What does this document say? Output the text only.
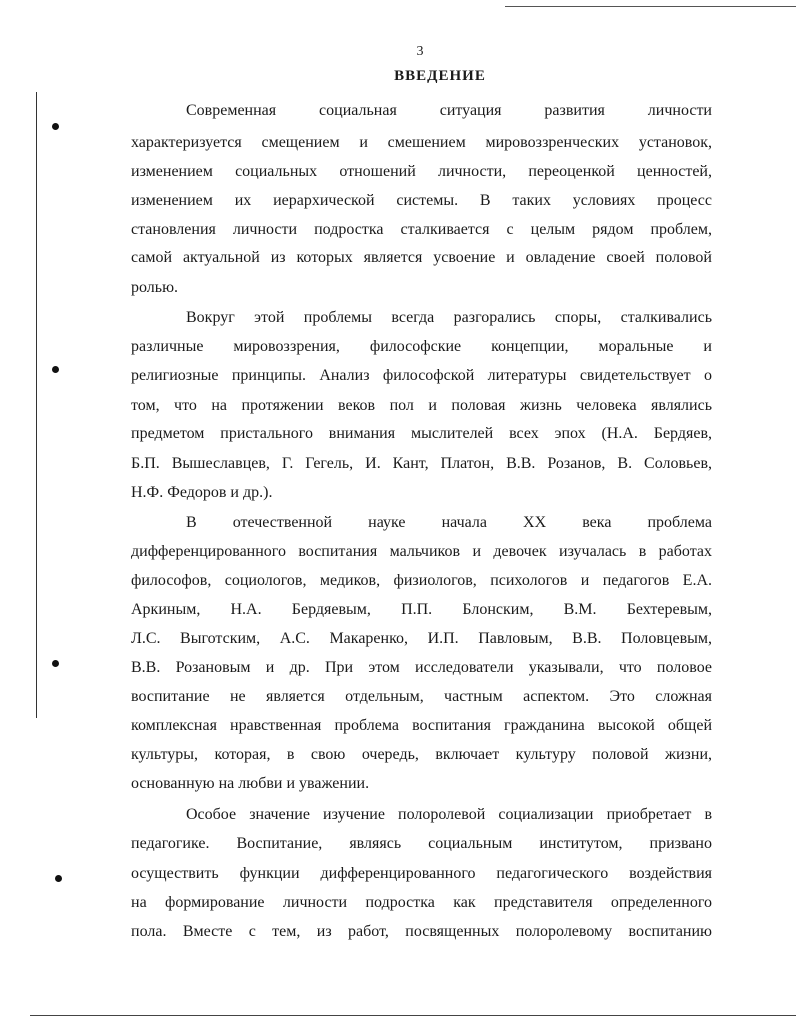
3
ВВЕДЕНИЕ
Современная социальная ситуация развития личности
характеризуется смещением и смешением мировоззренческих установок,
изменением социальных отношений личности, переоценкой ценностей,
изменением их иерархической системы. В таких условиях процесс
становления личности подростка сталкивается с целым рядом проблем,
самой актуальной из которых является усвоение и овладение своей половой
ролью.
Вокруг этой проблемы всегда разгорались споры, сталкивались
различные мировоззрения, философские концепции, моральные и
религиозные принципы. Анализ философской литературы свидетельствует о
том, что на протяжении веков пол и половая жизнь человека являлись
предметом пристального внимания мыслителей всех эпох (Н.А. Бердяев,
Б.П. Вышеславцев, Г. Гегель, И. Кант, Платон, В.В. Розанов, В. Соловьев,
Н.Ф. Федоров и др.).
В отечественной науке начала XX века проблема
дифференцированного воспитания мальчиков и девочек изучалась в работах
философов, социологов, медиков, физиологов, психологов и педагогов Е.А.
Аркиным, Н.А. Бердяевым, П.П. Блонским, В.М. Бехтеревым,
Л.С. Выготским, А.С. Макаренко, И.П. Павловым, В.В. Половцевым,
В.В. Розановым и др. При этом исследователи указывали, что половое
воспитание не является отдельным, частным аспектом. Это сложная
комплексная нравственная проблема воспитания гражданина высокой общей
культуры, которая, в свою очередь, включает культуру половой жизни,
основанную на любви и уважении.
Особое значение изучение полоролевой социализации приобретает в
педагогике. Воспитание, являясь социальным институтом, призвано
осуществить функции дифференцированного педагогического воздействия
на формирование личности подростка как представителя определенного
пола. Вместе с тем, из работ, посвященных полоролевому воспитанию
